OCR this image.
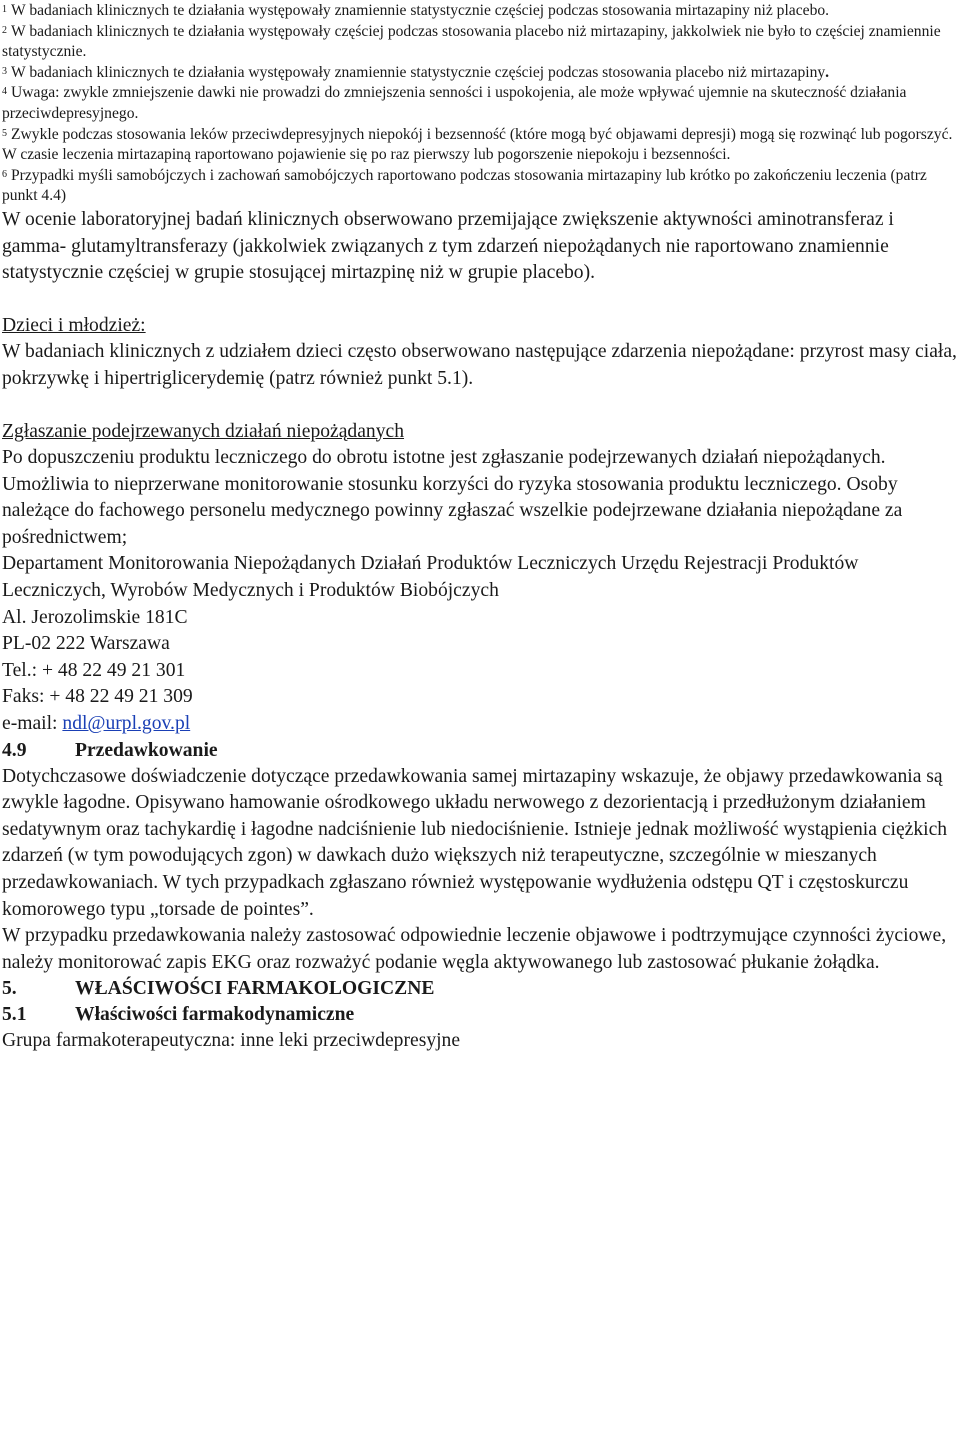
$^1$ W badaniach klinicznych te działania występowały znamiennie statystycznie częściej podczas stosowania mirtazapiny niż placebo.

$^2$ W badaniach klinicznych te działania występowały częściej podczas stosowania placebo niż mirtazapiny, jakkolwiek nie było to częściej znamiennie statystycznie.

$^3$ W badaniach klinicznych te działania występowały znamiennie statystycznie częściej podczas stosowania placebo niż mirtazapiny.

$^4$ Uwaga: zwykle zmniejszenie dawki nie prowadzi do zmniejszenia senności i uspokojenia, ale może wpływać ujemnie na skuteczność działania przeciwdepresyjnego.

$^5$ Zwykle podczas stosowania leków przeciwdepresyjnych niepokój i bezsenność (które mogą być objawami depresji) mogą się rozwinąć lub pogorszyć. W czasie leczenia mirtazapiną raportowano pojawienie się po raz pierwszy lub pogorszenie niepokoju i bezsenności.

$^6$ Przypadki myśli samobójczych i zachowań samobójczych raportowano podczas stosowania mirtazapiny lub krótko po zakończeniu leczenia (patrz punkt 4.4)

W ocenie laboratoryjnej badań klinicznych obserwowano przemijające zwiększenie aktywności aminotransferaz i gamma- glutamyltransferazy (jakkolwiek związanych z tym zdarzeń niepożądanych nie raportowano znamiennie statystycznie częściej w grupie stosującej mirtazpinę niż w grupie placebo).

Dzieci i młodzież:

W badaniach klinicznych z udziałem dzieci często obserwowano następujące zdarzenia niepożądane: przyrost masy ciała, pokrzywkę i hipertriglicerydemię (patrz również punkt 5.1).

Zgłaszanie podejrzewanych działań niepożądanych

Po dopuszczeniu produktu leczniczego do obrotu istotne jest zgłaszanie podejrzewanych działań niepożądanych. Umożliwia to nieprzerwane monitorowanie stosunku korzyści do ryzyka stosowania produktu leczniczego. Osoby należące do fachowego personelu medycznego powinny zgłaszać wszelkie podejrzewane działania niepożądane za pośrednictwem;

Departament Monitorowania Niepożądanych Działań Produktów Leczniczych Urzędu Rejestracji Produktów Leczniczych, Wyrobów Medycznych i Produktów Biobójczych

Al. Jerozolimskie 181C

PL-02 222 Warszawa

Tel.: + 48 22 49 21 301

Faks: + 48 22 49 21 309

e-mail: ndl@urpl.gov.pl

4.9	Przedawkowanie

Dotychczasowe doświadczenie dotyczące przedawkowania samej mirtazapiny wskazuje, że objawy przedawkowania są zwykle łagodne. Opisywano hamowanie ośrodkowego układu nerwowego z dezorientacją i przedłużonym działaniem sedatywnym oraz tachykardię i łagodne nadciśnienie lub niedociśnienie. Istnieje jednak możliwość wystąpienia ciężkich zdarzeń (w tym powodujących zgon) w dawkach dużo większych niż terapeutyczne, szczególnie w mieszanych przedawkowaniach. W tych przypadkach zgłaszano również występowanie wydłużenia odstępu QT i częstoskurczu komorowego typu „torsade de pointes”.

W przypadku przedawkowania należy zastosować odpowiednie leczenie objawowe i podtrzymujące czynności życiowe, należy monitorować zapis EKG oraz rozważyć podanie węgla aktywowanego lub zastosować płukanie żołądka.

5.	WŁAŚCIWOŚCI FARMAKOLOGICZNE
5.1	Właściwości farmakodynamiczne

Grupa farmakoterapeutyczna: inne leki przeciwdepresyjne
